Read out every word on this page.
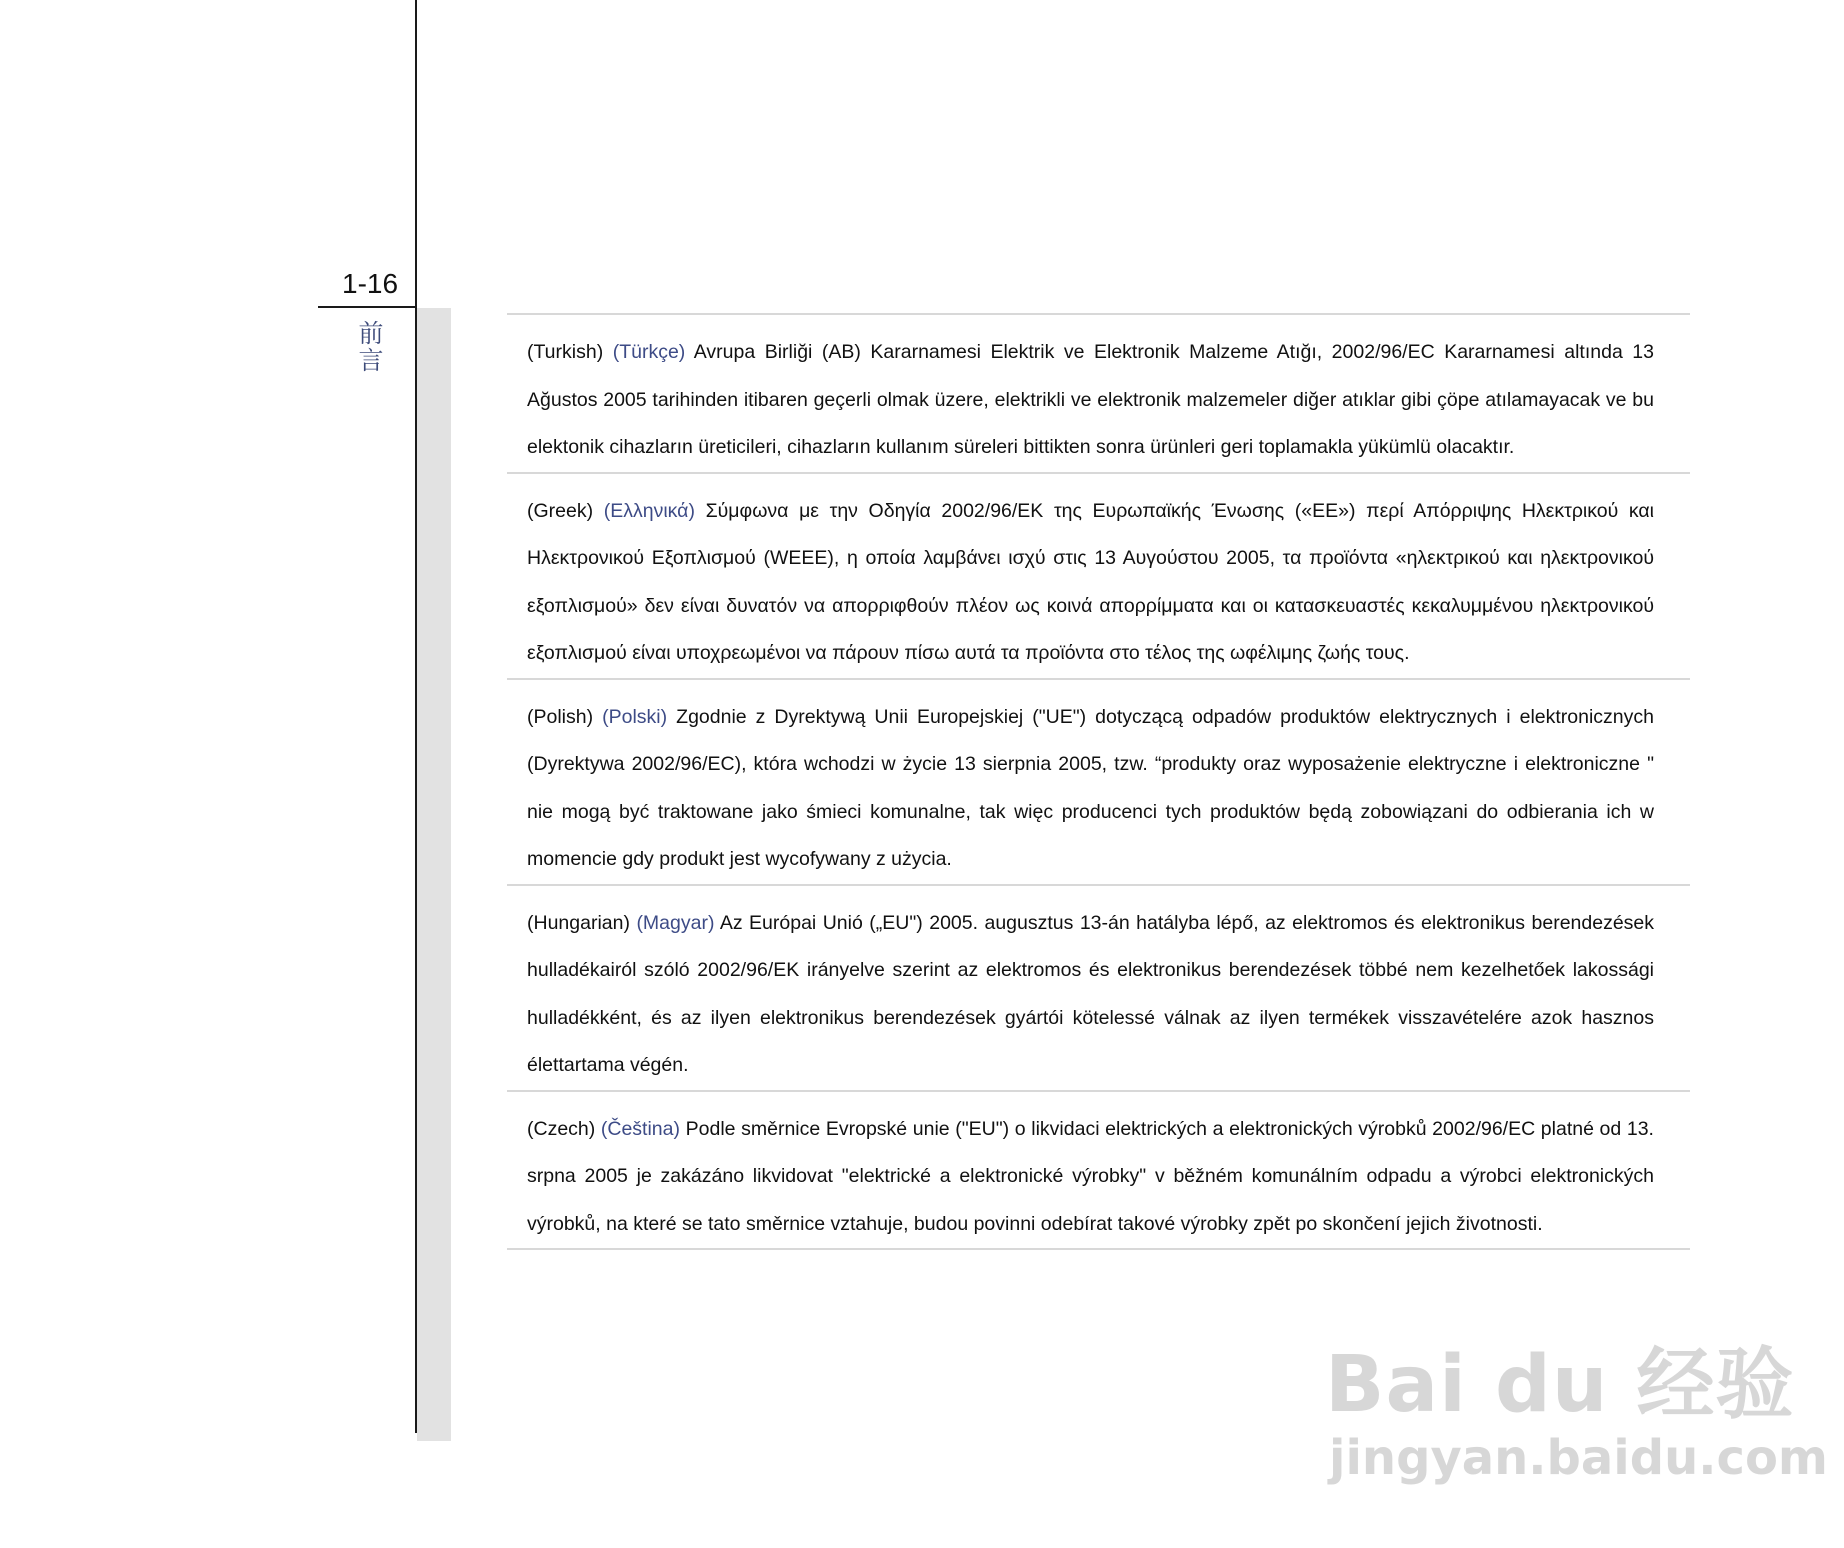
1-16
前言	(Turkish) (Türkçe) Avrupa Birliği (AB) Kararnamesi Elektrik ve Elektronik Malzeme Atığı, 2002/96/EC Kararnamesi altında 13 Ağustos 2005 tarihinden itibaren geçerli olmak üzere, elektrikli ve elektronik malzemeler diğer atıklar gibi çöpe atılamayacak ve bu elektonik cihazların üreticileri, cihazların kullanım süreleri bittikten sonra ürünleri geri toplamakla yükümlü olacaktır.

(Greek) (Ελληνικά) Σύμφωνα με την Οδηγία 2002/96/ΕΚ της Ευρωπαϊκής Ένωσης («ΕΕ») περί Απόρριψης Ηλεκτρικού και Ηλεκτρονικού Εξοπλισμού (WEEE), η οποία λαμβάνει ισχύ στις 13 Αυγούστου 2005, τα προϊόντα «ηλεκτρικού και ηλεκτρονικού εξοπλισμού» δεν είναι δυνατόν να απορριφθούν πλέον ως κοινά απορρίμματα και οι κατασκευαστές κεκαλυμμένου ηλεκτρονικού εξοπλισμού είναι υποχρεωμένοι να πάρουν πίσω αυτά τα προϊόντα στο τέλος της ωφέλιμης ζωής τους.

(Polish) (Polski) Zgodnie z Dyrektywą Unii Europejskiej ("UE") dotyczącą odpadów produktów elektrycznych i elektronicznych (Dyrektywa 2002/96/EC), która wchodzi w życie 13 sierpnia 2005, tzw. “produkty oraz wyposażenie elektryczne i elektroniczne " nie mogą być traktowane jako śmieci komunalne, tak więc producenci tych produktów będą zobowiązani do odbierania ich w momencie gdy produkt jest wycofywany z użycia.

(Hungarian) (Magyar) Az Európai Unió („EU") 2005. augusztus 13-án hatályba lépő, az elektromos és elektronikus berendezések hulladékairól szóló 2002/96/EK irányelve szerint az elektromos és elektronikus berendezések többé nem kezelhetőek lakossági hulladékként, és az ilyen elektronikus berendezések gyártói kötelessé válnak az ilyen termékek visszavételére azok hasznos élettartama végén.

(Czech) (Čeština) Podle směrnice Evropské unie ("EU") o likvidaci elektrických a elektronických výrobků 2002/96/EC platné od 13. srpna 2005 je zakázáno likvidovat "elektrické a elektronické výrobky" v běžném komunálním odpadu a výrobci elektronických výrobků, na které se tato směrnice vztahuje, budou povinni odebírat takové výrobky zpět po skončení jejich životnosti.

Bai du 经验
jingyan.baidu.com
